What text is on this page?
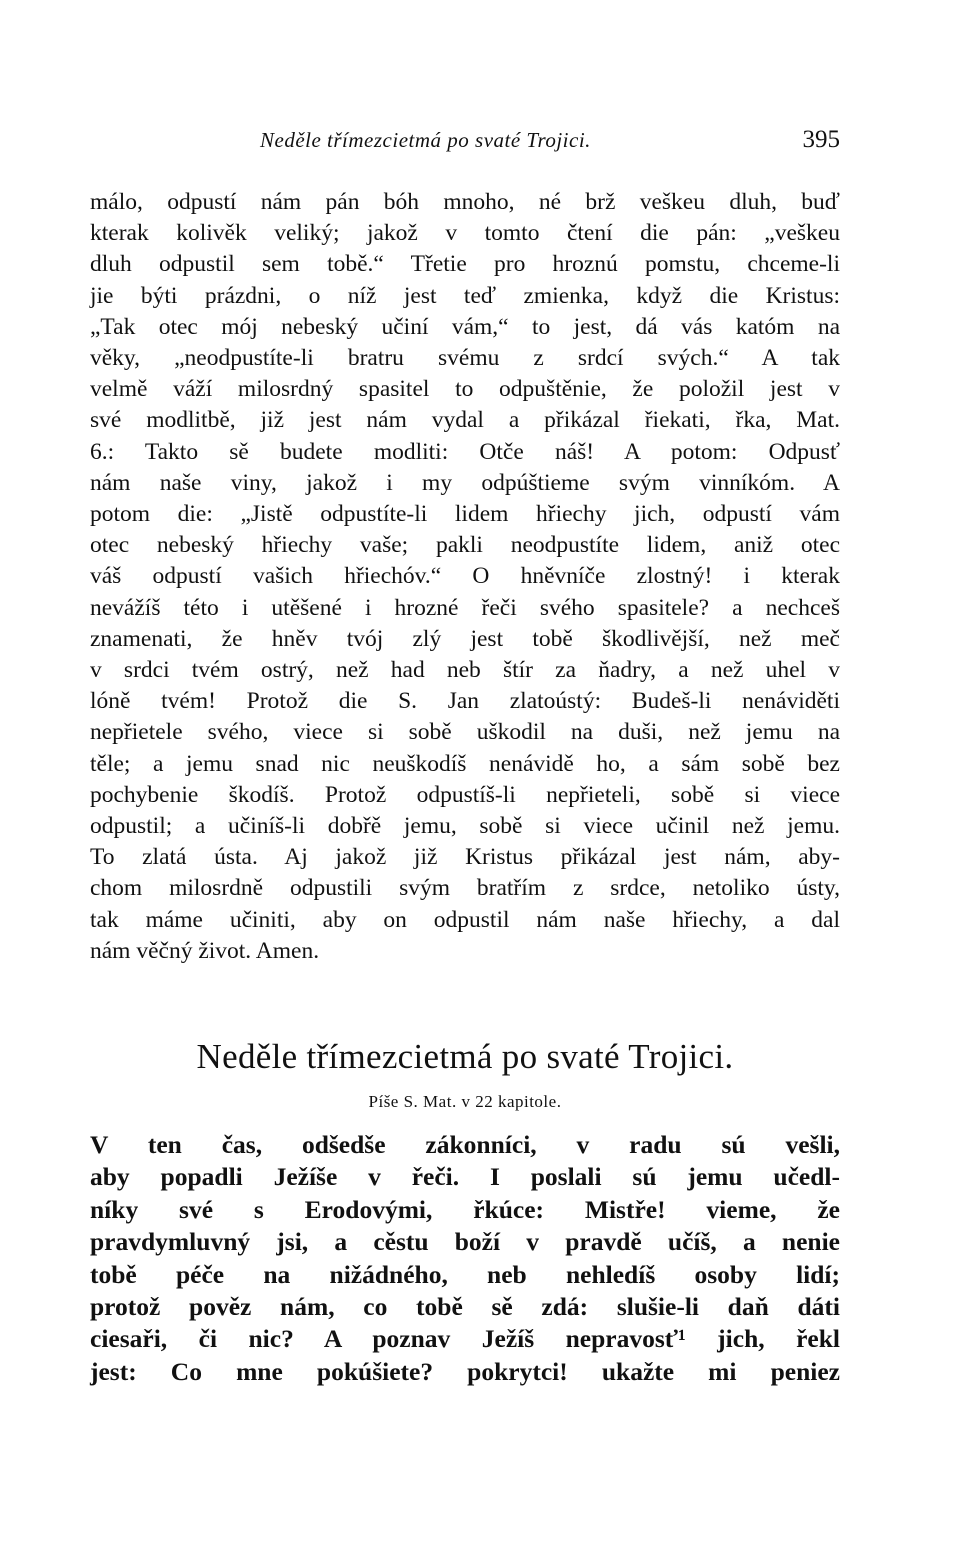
Neděle třímezcietmá po svaté Trojici.	395
málo, odpustí nám pán bóh mnoho, né brž veškeu dluh, buď
kterak kolivěk veliký; jakož v tomto čtení die pán: „veškeu
dluh odpustil sem tobě.“ Třetie pro hroznú pomstu, chceme-li
jie býti prázdni, o níž jest teď zmienka, když die Kristus:
„Tak otec mój nebeský učiní vám,“ to jest, dá vás katóm na
věky, „neodpustíte-li bratru svému z srdcí svých.“ A tak
velmě váží milosrdný spasitel to odpuštěnie, že položil jest v
své modlitbě, již jest nám vydal a přikázal řiekati, řka, Mat.
6.: Takto sě budete modliti: Otče náš! A potom: Odpusť
nám naše viny, jakož i my odpúštieme svým vinníkóm. A
potom die: „Jistě odpustíte-li lidem hřiechy jich, odpustí vám
otec nebeský hřiechy vaše; pakli neodpustíte lidem, aniž otec
váš odpustí vašich hřiechóv.“ O hněvníče zlostný! i kterak
nevážíš této i utěšené i hrozné řeči svého spasitele? a nechceš
znamenati, že hněv tvój zlý jest tobě škodlivější, než meč
v srdci tvém ostrý, než had neb štír za ňadry, a než uhel v
lóně tvém! Protož die S. Jan zlatoústý: Budeš-li nenáviděti
nepřietele svého, viece si sobě uškodil na duši, než jemu na
těle; a jemu snad nic neuškodíš nenávidě ho, a sám sobě bez
pochybenie škodíš. Protož odpustíš-li nepřieteli, sobě si viece
odpustil; a učiníš-li dobřě jemu, sobě si viece učinil než jemu.
To zlatá ústa. Aj jakož již Kristus přikázal jest nám, aby-
chom milosrdně odpustili svým bratřím z srdce, netoliko ústy,
tak máme učiniti, aby on odpustil nám naše hřiechy, a dal
nám věčný život. Amen.
Neděle třímezcietmá po svaté Trojici.
Píše S. Mat. v 22 kapitole.
V ten čas, odšedše zákonníci, v radu sú vešli,
aby popadli Ježíše v řeči. I poslali sú jemu učedl-
níky své s Erodovými, řkúce: Mistře! vieme, že
pravdymluvný jsi, a cěstu boží v pravdě učíš, a nenie
tobě péče na nižádného, neb nehledíš osoby lidí;
protož pověz nám, co tobě sě zdá: slušie-li daň dáti
ciesaři, či nic? A poznav Ježíš nepravosť¹ jich, řekl
jest: Co mne pokúšiete? pokrytci! ukažte mi peniez
